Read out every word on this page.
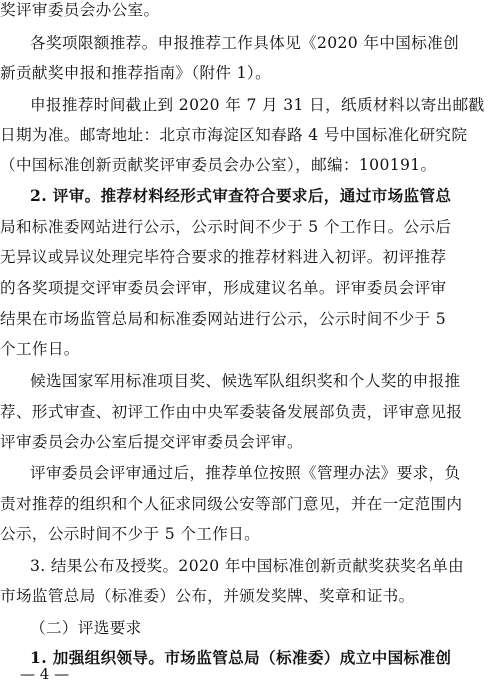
奖评审委员会办公室。
各奖项限额推荐。申报推荐工作具体见《2020 年中国标准创
新贡献奖申报和推荐指南》（附件 1）。
申报推荐时间截止到 2020 年 7 月 31 日，纸质材料以寄出邮戳
日期为准。邮寄地址：北京市海淀区知春路 4 号中国标准化研究院
（中国标准创新贡献奖评审委员会办公室），邮编：100191。
2. 评审。推荐材料经形式审查符合要求后，通过市场监管总
局和标准委网站进行公示，公示时间不少于 5 个工作日。公示后
无异议或异议处理完毕符合要求的推荐材料进入初评。初评推荐
的各奖项提交评审委员会评审，形成建议名单。评审委员会评审
结果在市场监管总局和标准委网站进行公示，公示时间不少于 5
个工作日。
候选国家军用标准项目奖、候选军队组织奖和个人奖的申报推
荐、形式审查、初评工作由中央军委装备发展部负责，评审意见报
评审委员会办公室后提交评审委员会评审。
评审委员会评审通过后，推荐单位按照《管理办法》要求，负
责对推荐的组织和个人征求同级公安等部门意见，并在一定范围内
公示，公示时间不少于 5 个工作日。
3. 结果公布及授奖。2020 年中国标准创新贡献奖获奖名单由
市场监管总局（标准委）公布，并颁发奖牌、奖章和证书。
（二）评选要求
1. 加强组织领导。市场监管总局（标准委）成立中国标准创
— 4 —
